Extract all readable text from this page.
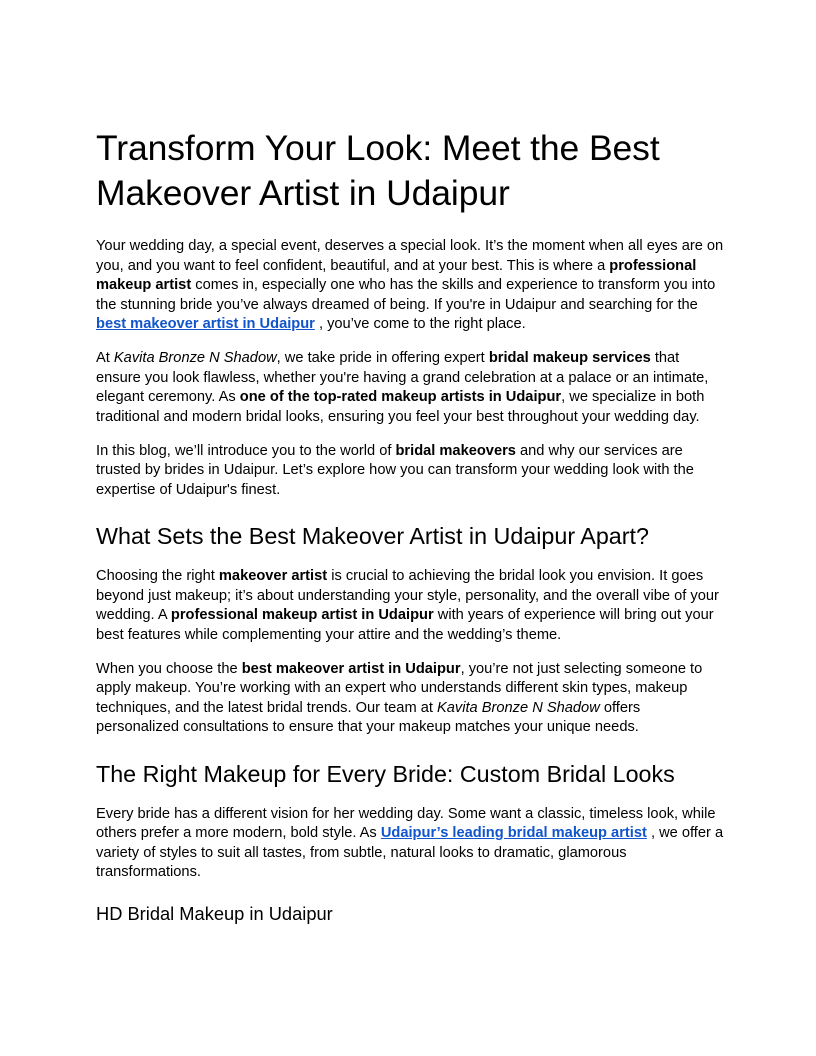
Transform Your Look: Meet the Best Makeover Artist in Udaipur

Your wedding day, a special event, deserves a special look. It’s the moment when all eyes are on you, and you want to feel confident, beautiful, and at your best. This is where a professional makeup artist comes in, especially one who has the skills and experience to transform you into the stunning bride you’ve always dreamed of being. If you're in Udaipur and searching for the best makeover artist in Udaipur , you’ve come to the right place.

At Kavita Bronze N Shadow, we take pride in offering expert bridal makeup services that ensure you look flawless, whether you're having a grand celebration at a palace or an intimate, elegant ceremony. As one of the top-rated makeup artists in Udaipur, we specialize in both traditional and modern bridal looks, ensuring you feel your best throughout your wedding day.

In this blog, we’ll introduce you to the world of bridal makeovers and why our services are trusted by brides in Udaipur. Let’s explore how you can transform your wedding look with the expertise of Udaipur's finest.

What Sets the Best Makeover Artist in Udaipur Apart?

Choosing the right makeover artist is crucial to achieving the bridal look you envision. It goes beyond just makeup; it’s about understanding your style, personality, and the overall vibe of your wedding. A professional makeup artist in Udaipur with years of experience will bring out your best features while complementing your attire and the wedding’s theme.

When you choose the best makeover artist in Udaipur, you’re not just selecting someone to apply makeup. You’re working with an expert who understands different skin types, makeup techniques, and the latest bridal trends. Our team at Kavita Bronze N Shadow offers personalized consultations to ensure that your makeup matches your unique needs.

The Right Makeup for Every Bride: Custom Bridal Looks

Every bride has a different vision for her wedding day. Some want a classic, timeless look, while others prefer a more modern, bold style. As Udaipur’s leading bridal makeup artist , we offer a variety of styles to suit all tastes, from subtle, natural looks to dramatic, glamorous transformations.

HD Bridal Makeup in Udaipur
